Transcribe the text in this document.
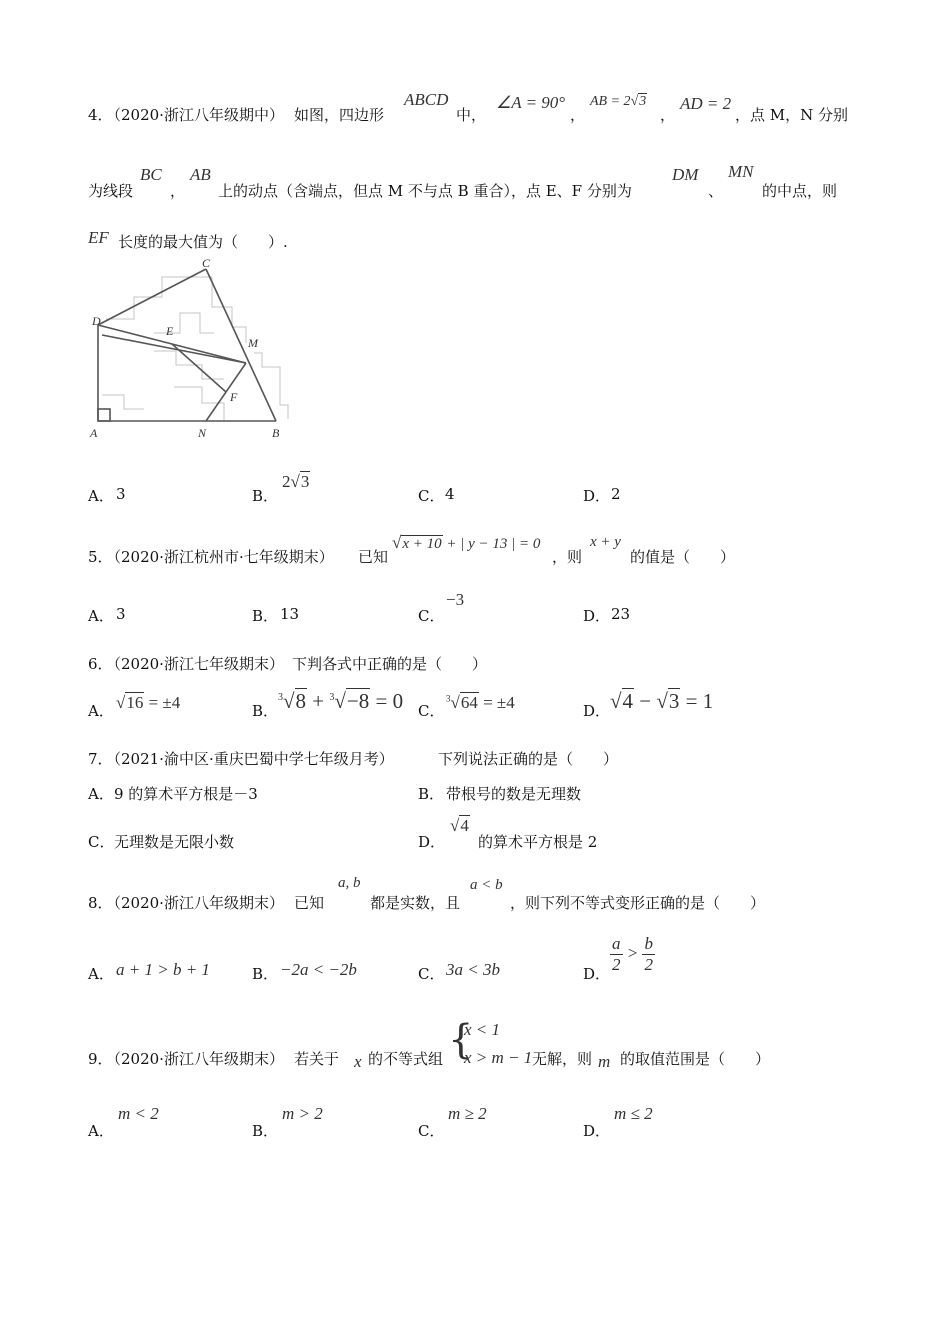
4．
（2020·浙江八年级期中） 如图，四边形
ABCD
中，
∠A = 90°
，
AB = 2√3
，
AD = 2
，点 M，N 分别
为线段
BC
，
AB
上的动点（含端点，但点 M 不与点 B 重合），点 E、F 分别为
DM
、
MN
的中点，则
EF 长度的最大值为（　　）.
C
D
E
M
F
A	N	B
A． 3	B．
2√3
C． 4	D． 2
5．
（2020·浙江杭州市·七年级期末） 已知
√x + 10 + | y − 13 | = 0
，则
x + y
的值是（　　）
A． 3	B． 13	C．
−3
D． 23
6．
（2020·浙江七年级期末） 下判各式中正确的是（　　）
A． √16 = ±4	B．
$^3$√8 + $^3$√−8 = 0 C．
$^3$√64 = ±4	D． √4 − √3 = 1
7．
（2021·渝中区·重庆巴蜀中学七年级月考）	下列说法正确的是（　　）
A． 9 的算术平方根是－3	B． 带根号的数是无理数
C． 无理数是无限小数	D．
√4
的算术平方根是 2
8．
（2020·浙江八年级期末） 已知
a, b
都是实数，且
a < b
，则下列不等式变形正确的是（　　）
A． a + 1 > b + 1	B． −2a < −2b	C． 3a < 3b	D． $\frac{a}{2} > \frac{b}{2}$
9．
（2020·浙江八年级期末） 若关于 x 的不等式组 {
x < 1
x > m − 1 无解，则 m 的取值范围是（　　）
A．
m < 2
B．
m > 2
C．
m ≥ 2
D．
m ≤ 2
